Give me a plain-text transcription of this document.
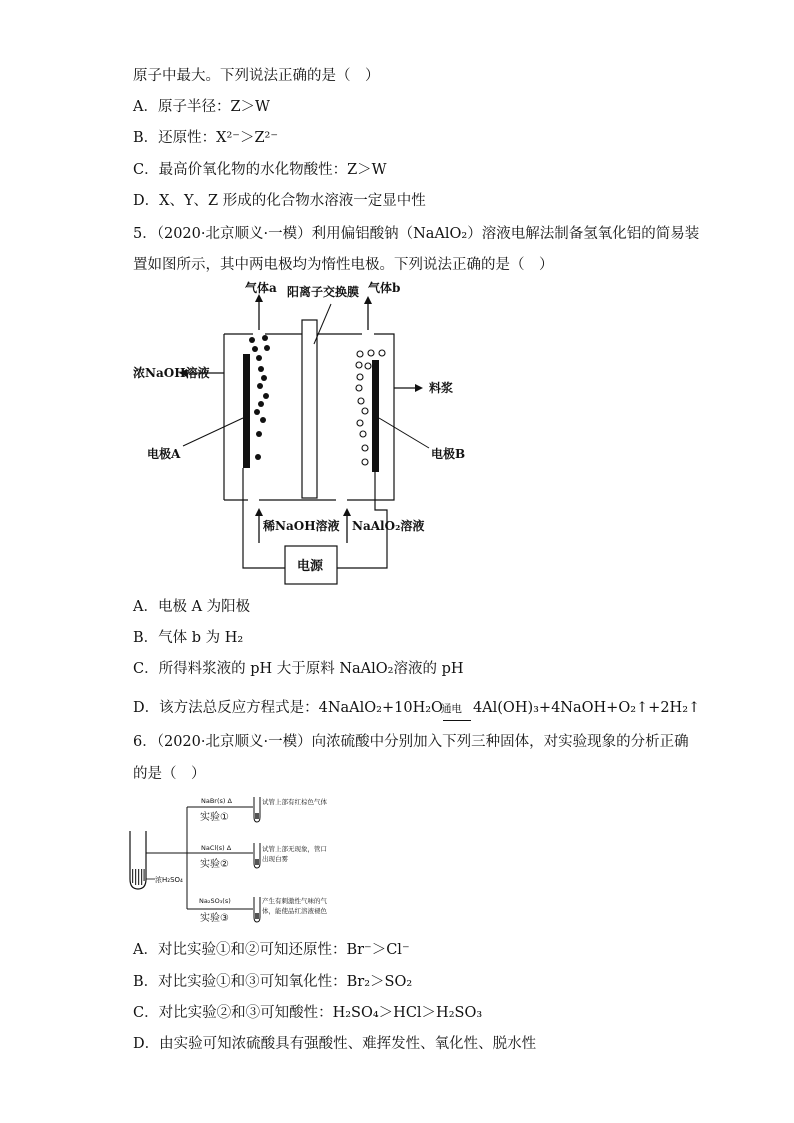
原子中最大。下列说法正确的是（　）
A．原子半径：Z＞W
B．还原性：X²⁻＞Z²⁻
C．最高价氧化物的水化物酸性：Z＞W
D．X、Y、Z 形成的化合物水溶液一定显中性
5．（2020·北京顺义·一模）利用偏铝酸钠（NaAlO₂）溶液电解法制备氢氧化铝的简易装
置如图所示，其中两电极均为惰性电极。下列说法正确的是（　）
气体a	气体b
阳离子交换膜
电极A	电极B
浓NaOH溶液
料浆
稀NaOH溶液 NaAlO₂溶液
电源
A．电极 A 为阳极
B．气体 b 为 H₂
C．所得料浆液的 pH 大于原料 NaAlO₂溶液的 pH
D．该方法总反应方程式是：4NaAlO₂+10H₂O
通电 4Al(OH)₃+4NaOH+O₂↑+2H₂↑
6．（2020·北京顺义·一模）向浓硫酸中分别加入下列三种固体，对实验现象的分析正确
的是（　）
浓H₂SO₄
NaBr(s) Δ
实验①
试管上部有红棕色气体
NaCl(s) Δ
实验②
试管上部无现象，管口
出现白雾
Na₂SO₃(s)
实验③
产生有刺激性气味的气
体，能使品红溶液褪色
A．对比实验①和②可知还原性：Br⁻＞Cl⁻
B．对比实验①和③可知氧化性：Br₂＞SO₂
C．对比实验②和③可知酸性：H₂SO₄＞HCl＞H₂SO₃
D．由实验可知浓硫酸具有强酸性、难挥发性、氧化性、脱水性
